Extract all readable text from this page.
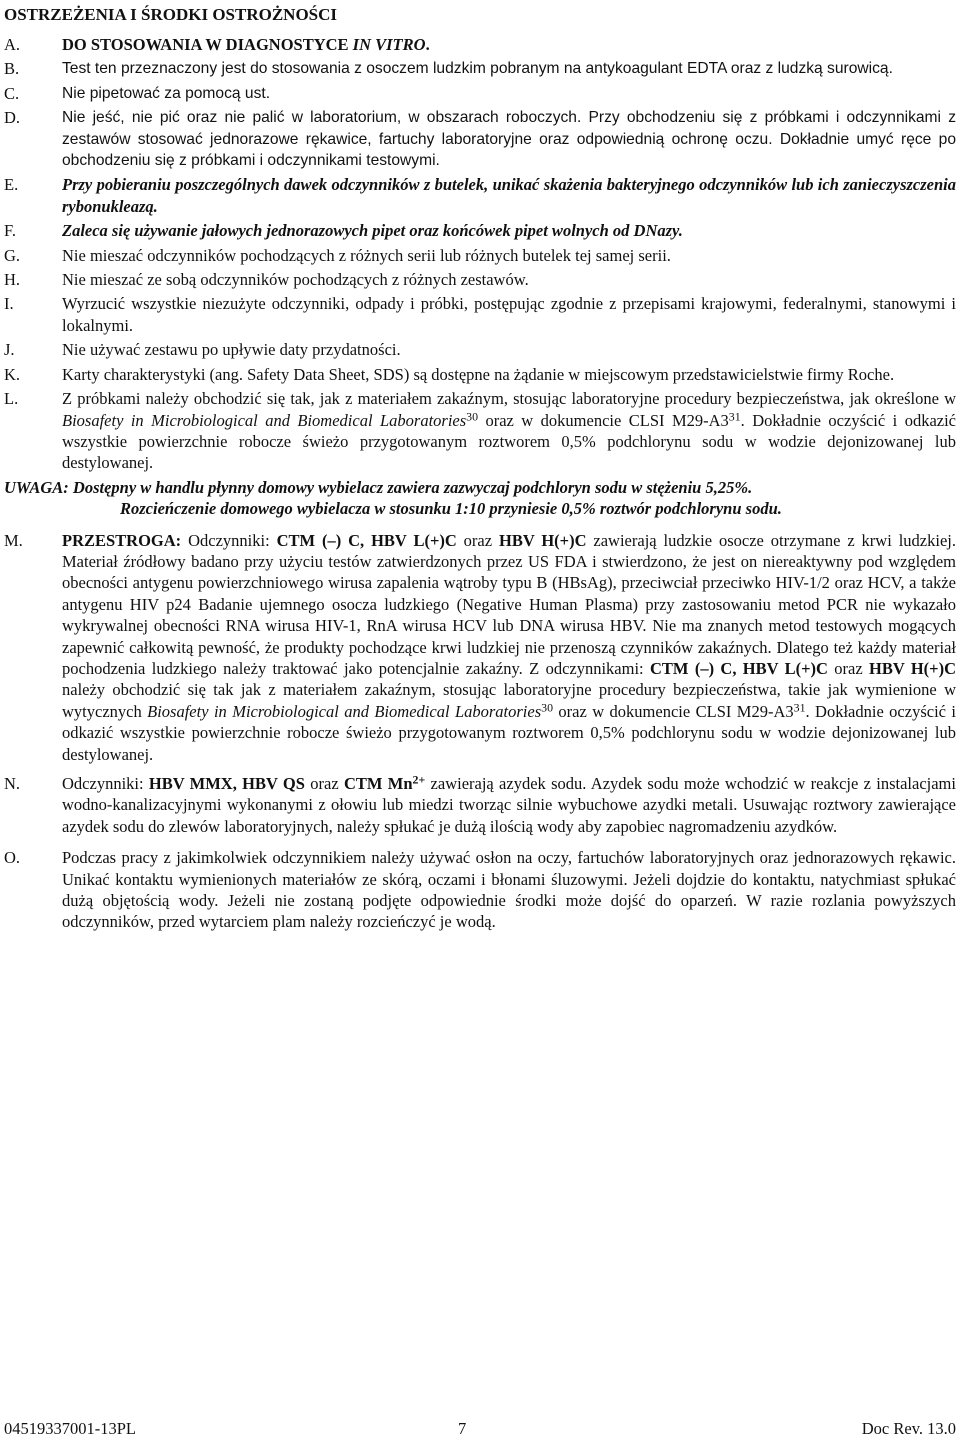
OSTRZEŻENIA I ŚRODKI OSTROŻNOŚCI
A.	DO STOSOWANIA W DIAGNOSTYCE IN VITRO.
B.	Test ten przeznaczony jest do stosowania z osoczem ludzkim pobranym na antykoagulant EDTA oraz z ludzką surowicą.
C.	Nie pipetować za pomocą ust.
D.	Nie jeść, nie pić oraz nie palić w laboratorium, w obszarach roboczych. Przy obchodzeniu się z próbkami i odczynnikami z zestawów stosować jednorazowe rękawice, fartuchy laboratoryjne oraz odpowiednią ochronę oczu. Dokładnie umyć ręce po obchodzeniu się z próbkami i odczynnikami testowymi.
E.	Przy pobieraniu poszczególnych dawek odczynników z butelek, unikać skażenia bakteryjnego odczynników lub ich zanieczyszczenia rybonukleazą.
F.	Zaleca się używanie jałowych jednorazowych pipet oraz końcówek pipet wolnych od DNazy.
G.	Nie mieszać odczynników pochodzących z różnych serii lub różnych butelek tej samej serii.
H.	Nie mieszać ze sobą odczynników pochodzących z różnych zestawów.
I.	Wyrzucić wszystkie niezużyte odczynniki, odpady i próbki, postępując zgodnie z przepisami krajowymi, federalnymi, stanowymi i lokalnymi.
J.	Nie używać zestawu po upływie daty przydatności.
K.	Karty charakterystyki (ang. Safety Data Sheet, SDS) są dostępne na żądanie w miejscowym przedstawicielstwie firmy Roche.
L.	Z próbkami należy obchodzić się tak, jak z materiałem zakaźnym, stosując laboratoryjne procedury bezpieczeństwa, jak określone w Biosafety in Microbiological and Biomedical Laboratories$^{30}$ oraz w dokumencie CLSI $M29-A3^{31}$. Dokładnie oczyścić i odkazić wszystkie powierzchnie robocze świeżo przygotowanym roztworem 0,5% podchlorynu sodu w wodzie dejonizowanej lub destylowanej.
UWAGA: Dostępny w handlu płynny domowy wybielacz zawiera zazwyczaj podchloryn sodu w stężeniu 5,25%.
Rozcieńczenie domowego wybielacza w stosunku 1:10 przyniesie 0,5% roztwór podchlorynu sodu.
M.	PRZESTROGA: Odczynniki: CTM (–) C, HBV L(+)C oraz HBV H(+)C zawierają ludzkie osocze otrzymane z krwi ludzkiej. Materiał źródłowy badano przy użyciu testów zatwierdzonych przez US FDA i stwierdzono, że jest on niereaktywny pod względem obecności antygenu powierzchniowego wirusa zapalenia wątroby typu B (HBsAg), przeciwciał przeciwko HIV-1/2 oraz HCV, a także antygenu HIV p24 Badanie ujemnego osocza ludzkiego (Negative Human Plasma) przy zastosowaniu metod PCR nie wykazało wykrywalnej obecności RNA wirusa HIV-1, RnA wirusa HCV lub DNA wirusa HBV. Nie ma znanych metod testowych mogących zapewnić całkowitą pewność, że produkty pochodzące krwi ludzkiej nie przenoszą czynników zakaźnych. Dlatego też każdy materiał pochodzenia ludzkiego należy traktować jako potencjalnie zakaźny. Z odczynnikami: CTM (–) C, HBV L(+)C oraz HBV H(+)C należy obchodzić się tak jak z materiałem zakaźnym, stosując laboratoryjne procedury bezpieczeństwa, takie jak wymienione w wytycznych Biosafety in Microbiological and Biomedical Laboratories$^{30}$ oraz w dokumencie CLSI $M29-A3^{31}$. Dokładnie oczyścić i odkazić wszystkie powierzchnie robocze świeżo przygotowanym roztworem 0,5% podchlorynu sodu w wodzie dejonizowanej lub destylowanej.
N.	Odczynniki: HBV MMX, HBV QS oraz CTM $Mn^{2+}$ zawierają azydek sodu. Azydek sodu może wchodzić w reakcje z instalacjami wodno-kanalizacyjnymi wykonanymi z ołowiu lub miedzi tworząc silnie wybuchowe azydki metali. Usuwając roztwory zawierające azydek sodu do zlewów laboratoryjnych, należy spłukać je dużą ilością wody aby zapobiec nagromadzeniu azydków.
O.	Podczas pracy z jakimkolwiek odczynnikiem należy używać osłon na oczy, fartuchów laboratoryjnych oraz jednorazowych rękawic. Unikać kontaktu wymienionych materiałów ze skórą, oczami i błonami śluzowymi. Jeżeli dojdzie do kontaktu, natychmiast spłukać dużą objętością wody. Jeżeli nie zostaną podjęte odpowiednie środki może dojść do oparzeń. W razie rozlania powyższych odczynników, przed wytarciem plam należy rozcieńczyć je wodą.
04519337001-13PL	7	Doc Rev. 13.0
